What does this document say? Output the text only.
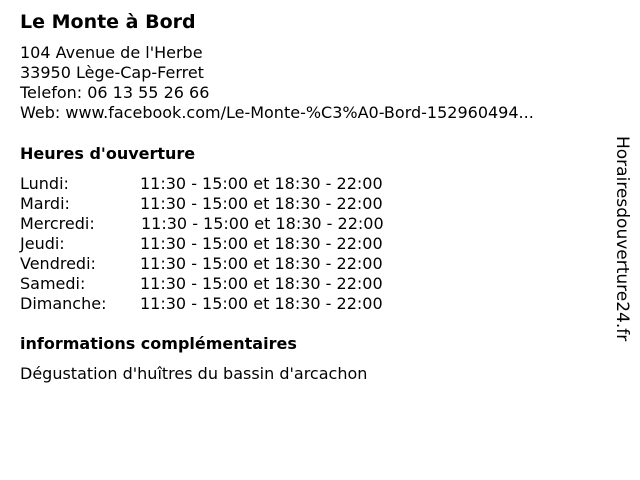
Le Monte à Bord
104 Avenue de l'Herbe
33950 Lège-Cap-Ferret
Telefon: 06 13 55 26 66
Web: www.facebook.com/Le-Monte-%C3%A0-Bord-152960494...
Heures d'ouverture
Lundi:	11:30 - 15:00 et 18:30 - 22:00
Mardi:	11:30 - 15:00 et 18:30 - 22:00
Mercredi:	11:30 - 15:00 et 18:30 - 22:00
Jeudi:	11:30 - 15:00 et 18:30 - 22:00
Vendredi:	11:30 - 15:00 et 18:30 - 22:00
Samedi:	11:30 - 15:00 et 18:30 - 22:00
Dimanche: 11:30 - 15:00 et 18:30 - 22:00
informations complémentaires
Dégustation d'huîtres du bassin d'arcachon
Horairesdouverture24.fr
